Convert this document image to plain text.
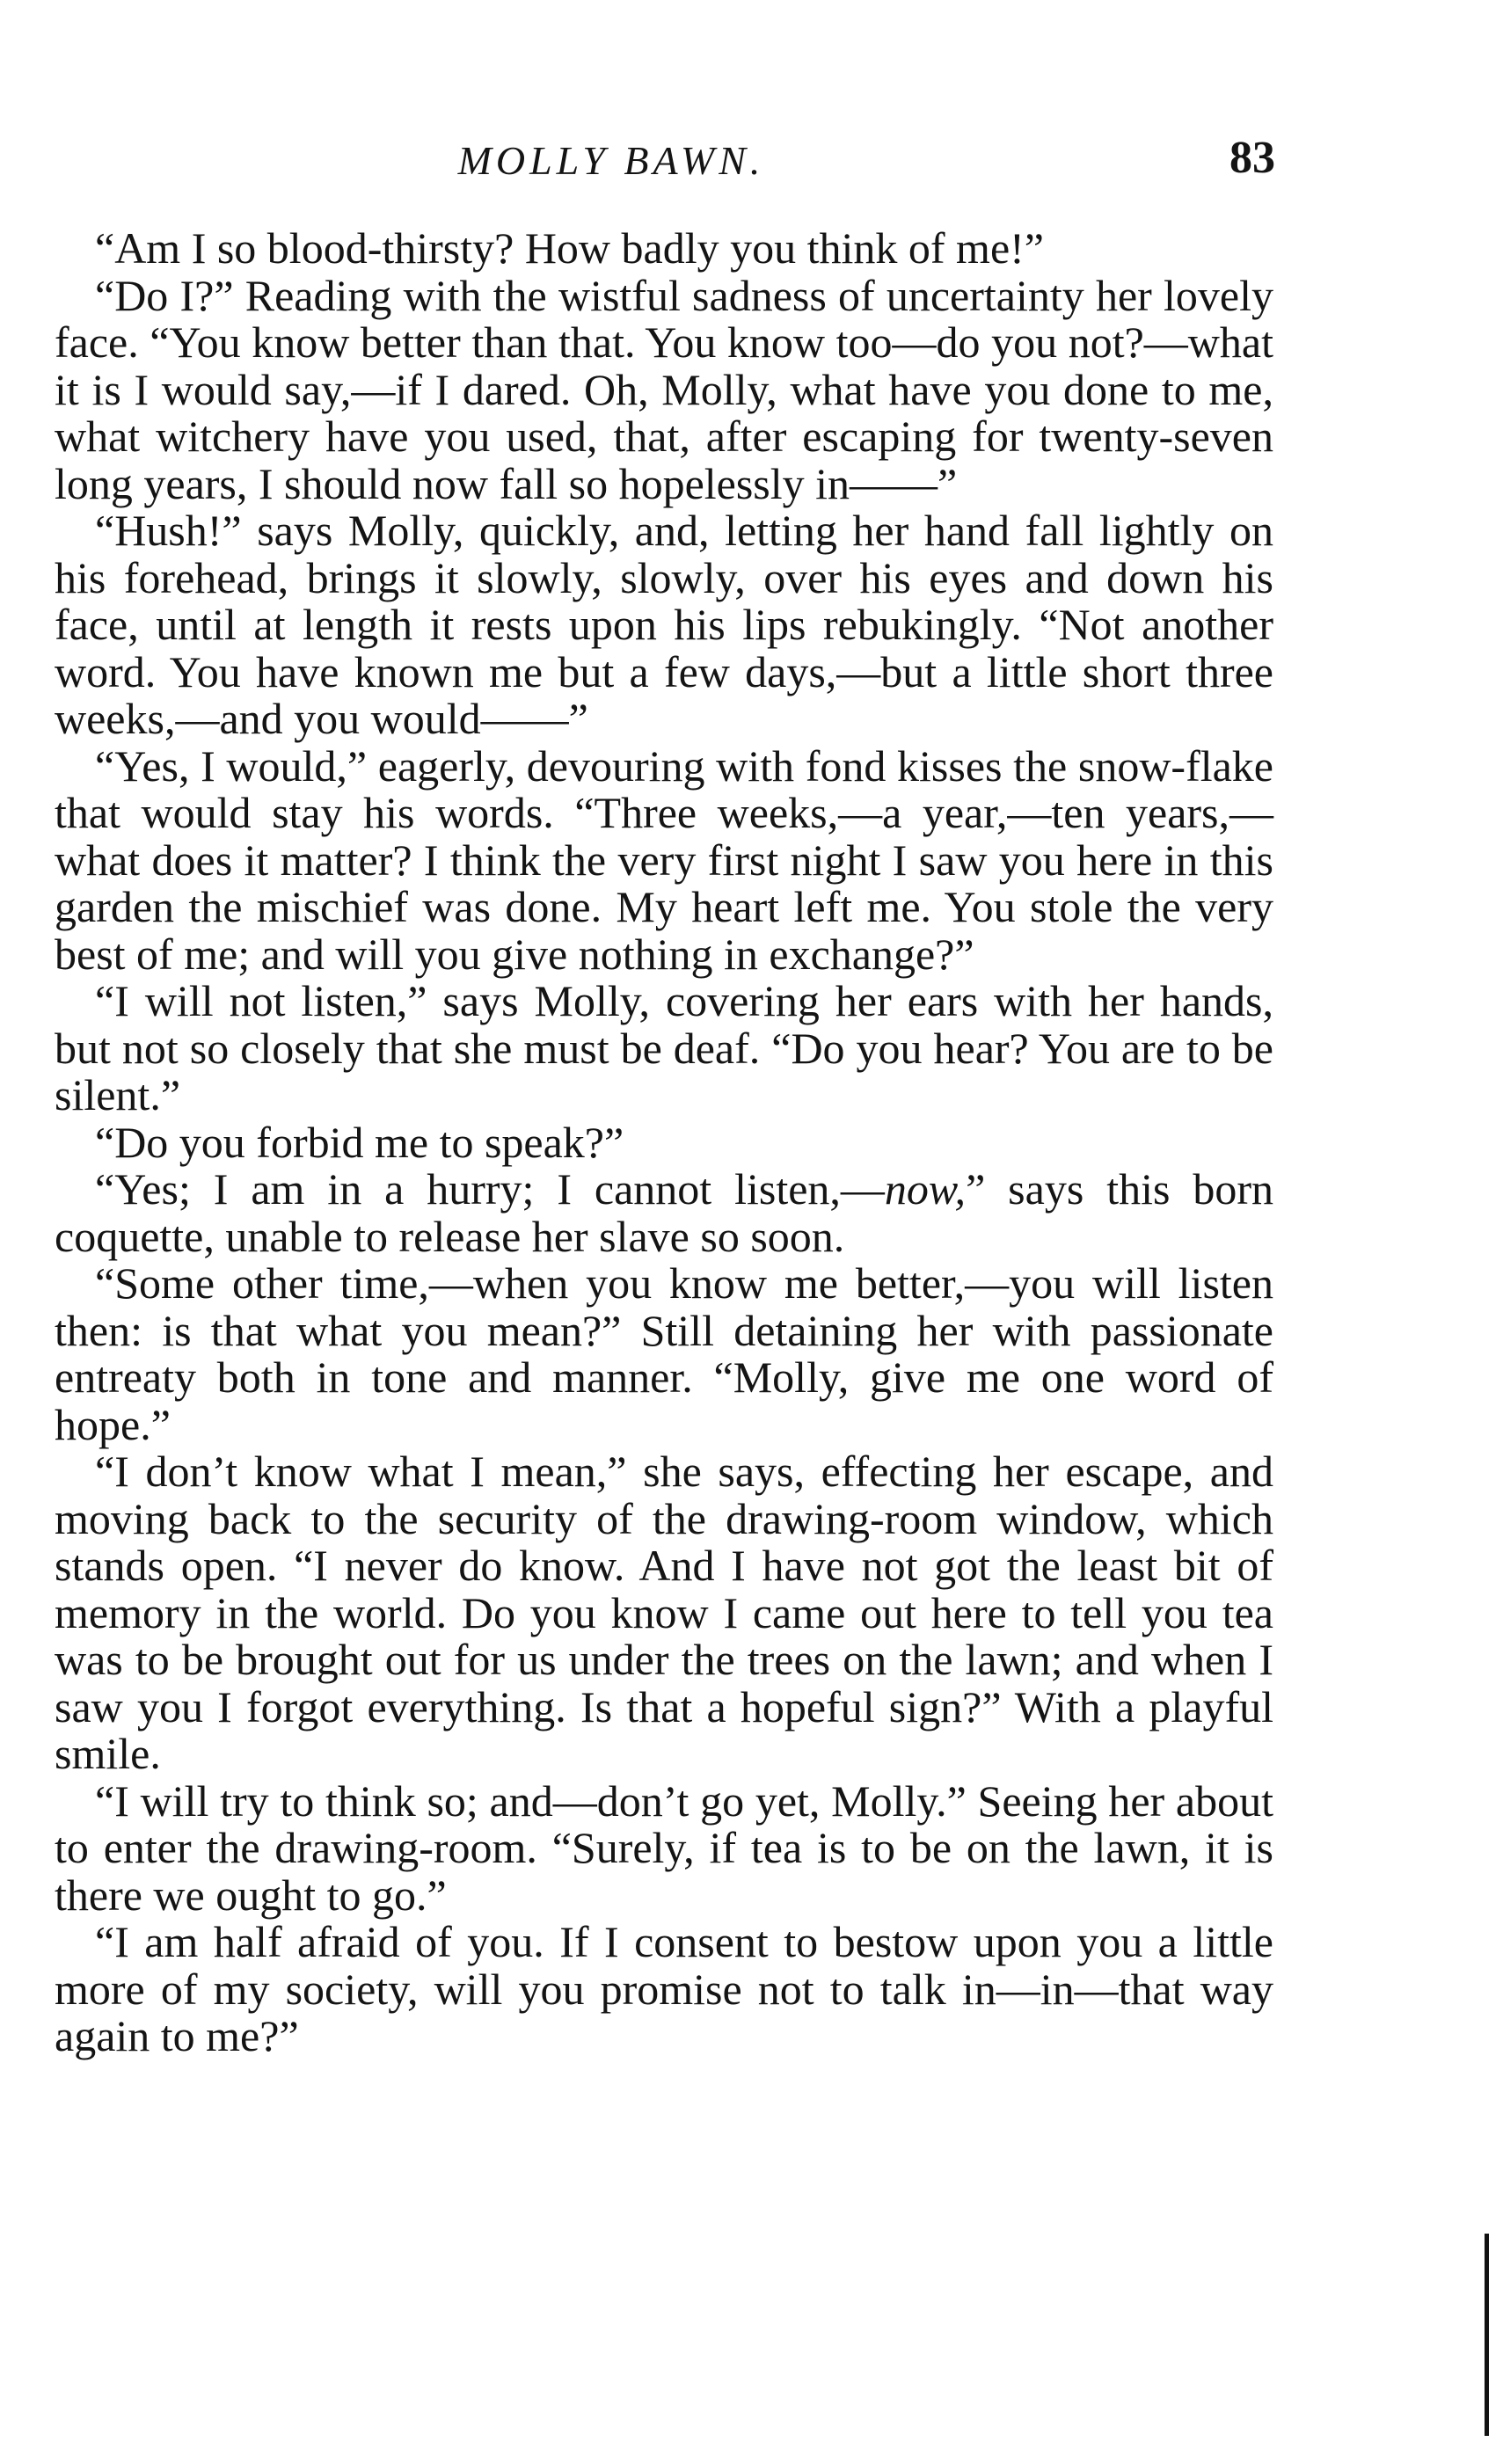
MOLLY BAWN.	83

“Am I so blood-thirsty? How badly you think of me!”

“Do I?” Reading with the wistful sadness of uncertainty her lovely face. “You know better than that. You know too—do you not?—what it is I would say,—if I dared. Oh, Molly, what have you done to me, what witchery have you used, that, after escaping for twenty-seven long years, I should now fall so hopelessly in——”

“Hush!” says Molly, quickly, and, letting her hand fall lightly on his forehead, brings it slowly, slowly, over his eyes and down his face, until at length it rests upon his lips rebukingly. “Not another word. You have known me but a few days,—but a little short three weeks,—and you would——”

“Yes, I would,” eagerly, devouring with fond kisses the snow-flake that would stay his words. “Three weeks,—a year,—ten years,—what does it matter? I think the very first night I saw you here in this garden the mischief was done. My heart left me. You stole the very best of me; and will you give nothing in exchange?”

“I will not listen,” says Molly, covering her ears with her hands, but not so closely that she must be deaf. “Do you hear? You are to be silent.”

“Do you forbid me to speak?”

“Yes; I am in a hurry; I cannot listen,—now,” says this born coquette, unable to release her slave so soon.

“Some other time,—when you know me better,—you will listen then: is that what you mean?” Still detaining her with passionate entreaty both in tone and manner. “Molly, give me one word of hope.”

“I don’t know what I mean,” she says, effecting her escape, and moving back to the security of the drawing-room window, which stands open. “I never do know. And I have not got the least bit of memory in the world. Do you know I came out here to tell you tea was to be brought out for us under the trees on the lawn; and when I saw you I forgot everything. Is that a hopeful sign?” With a playful smile.

“I will try to think so; and—don’t go yet, Molly.” Seeing her about to enter the drawing-room. “Surely, if tea is to be on the lawn, it is there we ought to go.”

“I am half afraid of you. If I consent to bestow upon you a little more of my society, will you promise not to talk in—in—that way again to me?”
